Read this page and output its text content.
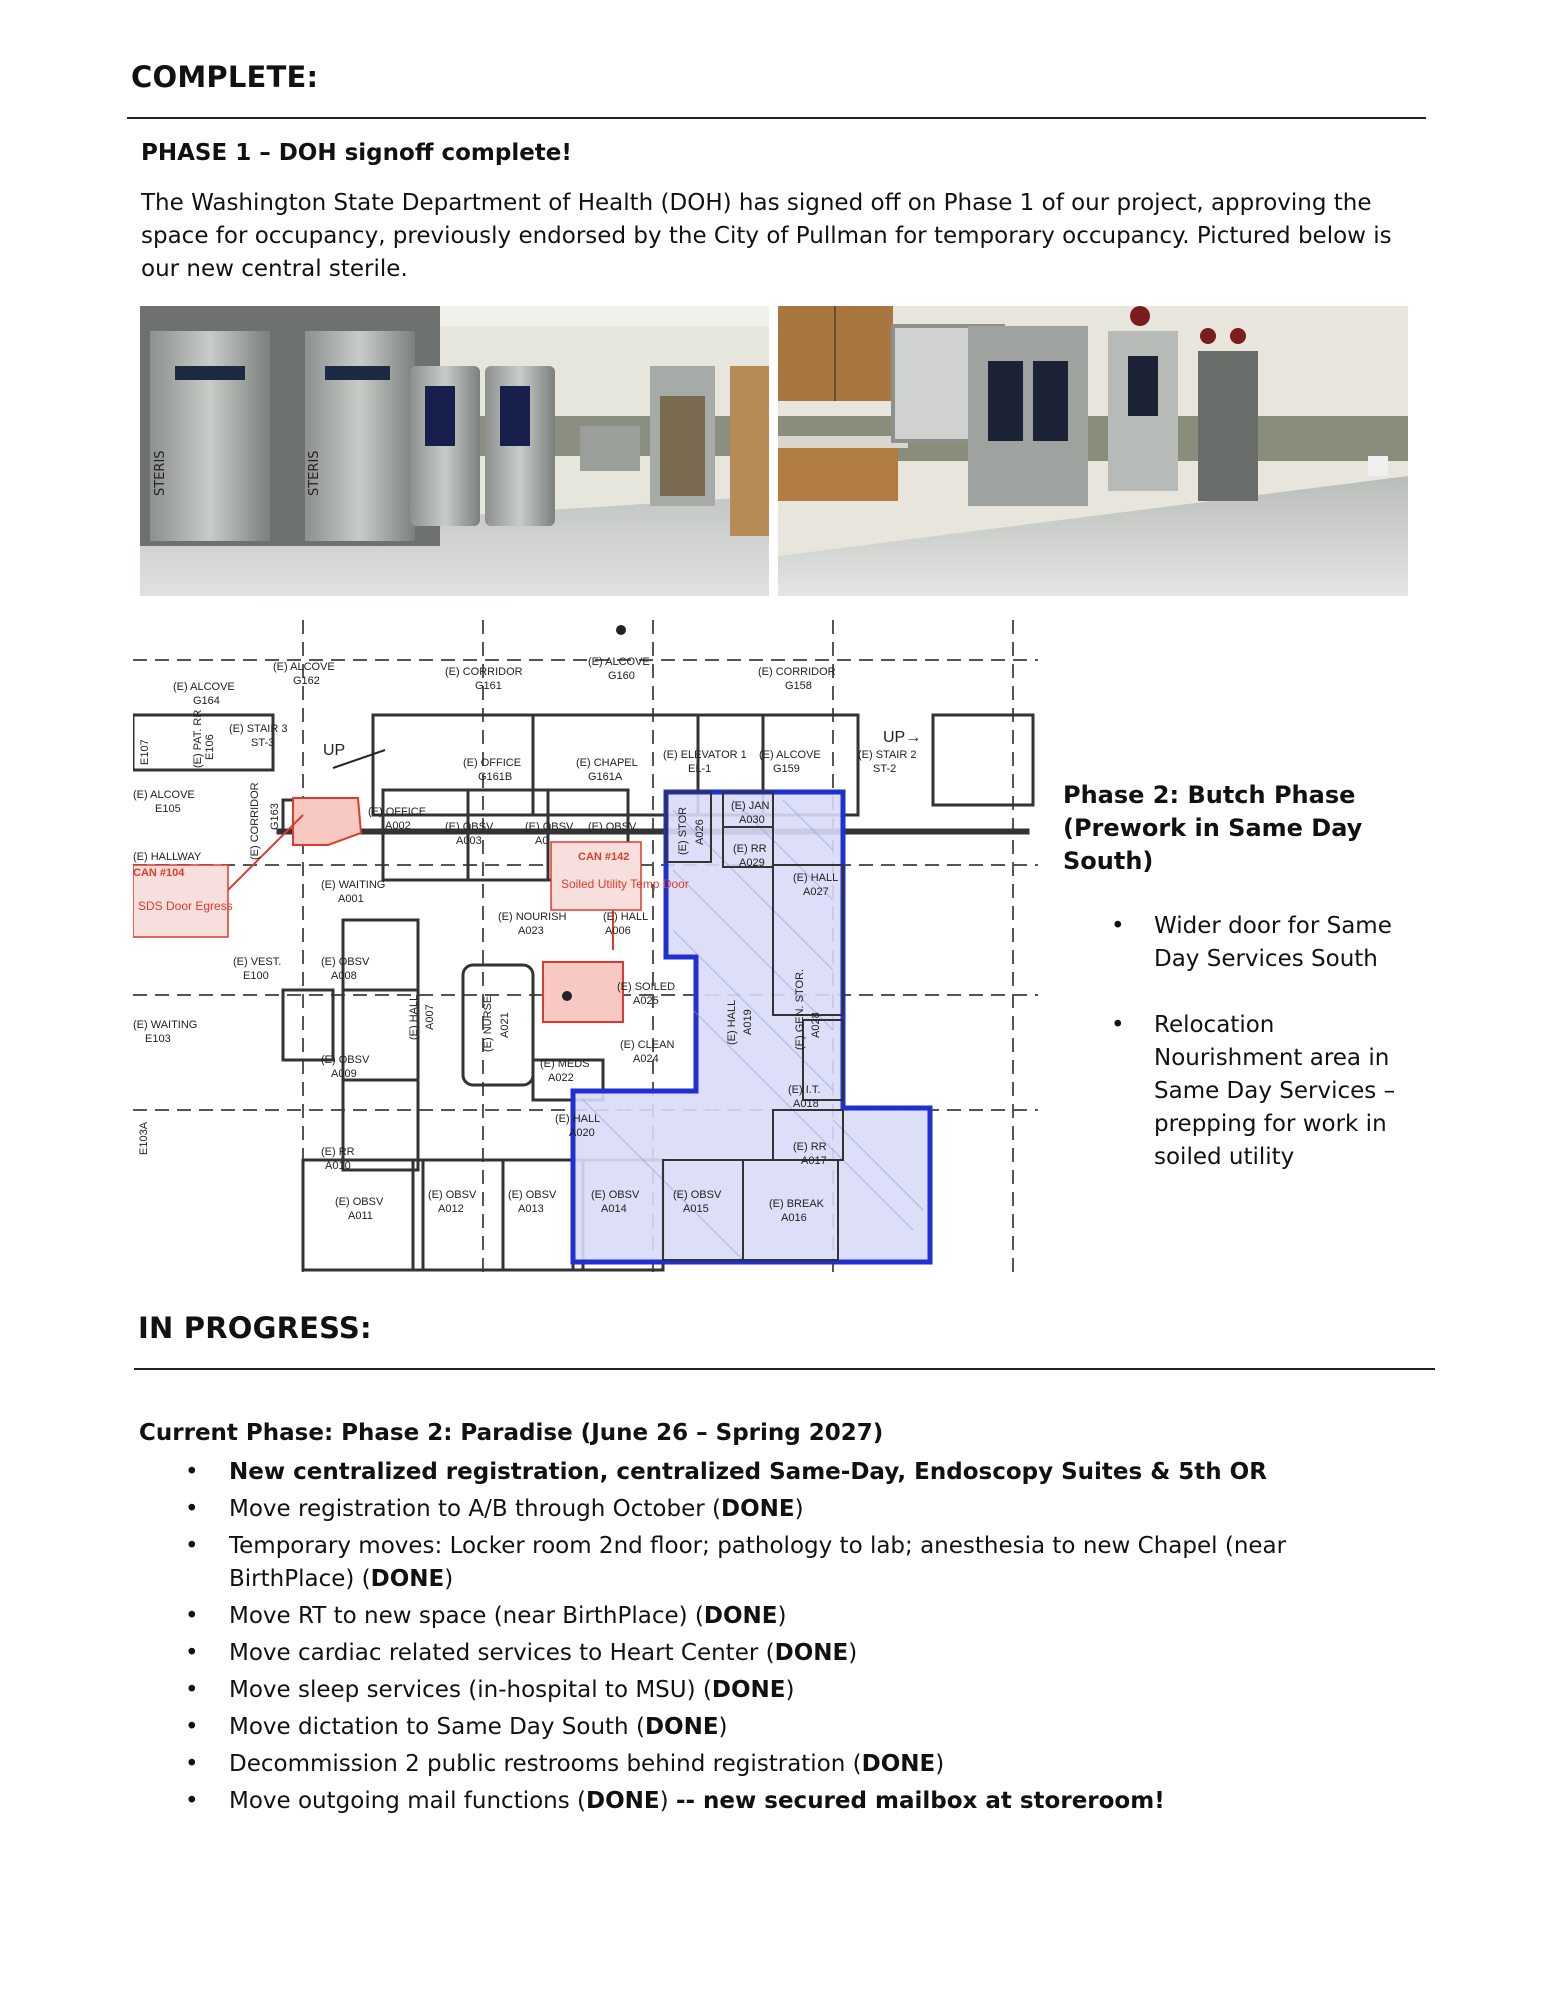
COMPLETE:
PHASE 1 – DOH signoff complete!
The Washington State Department of Health (DOH) has signed off on Phase 1 of our project, approving the space for occupancy, previously endorsed by the City of Pullman for temporary occupancy. Pictured below is our new central sterile.
STERIS	STERIS
(E) ALCOVE
G162
(E) CORRIDOR
G161
(E) ALCOVE
G160	(E) CORRIDOR
G158
(E) ALCOVE
G164
(E) STAIR 3
ST-3	UP
(E) OFFICE
G161B
(E) CHAPEL
G161A
(E) ELEVATOR 1
EL-1
(E) ALCOVE
G159
UP→
(E) STAIR 2
ST-2
E107	E106
(E) PAT. RR
(E) ALCOVE
E105	(E) CORRIDOR G163	(E) OFFICE
A002	(E) OBSV
A003
(E) OBSV
A0
(E) OBSV	(E) STOR A026
(E) JAN
A030
(E) RR
A029
(E) HALL
A027
(E) HALLWAY
CAN #104
SDS Door Egress
CAN #142
Soiled Utility Temp Door
(E) WAITING
A001
(E) NOURISH
A023
(E) HALL
A006
(E) VEST.
E100
(E) OBSV
A008
(E) SOILED
A025
(E) HALL A007	(E) NURSE A021	(E) HALL A019	(E) GEN. STOR. A028
(E) WAITING
E103	(E) CLEAN
A024
(E) OBSV
A009
(E) MEDS
A022
(E) I.T.
A018
E103A
(E) HALL
A020
(E) RR
A010
(E) RR
A017
(E) OBSV
A011
(E) OBSV
A012
(E) OBSV
A013
(E) OBSV
A014
(E) OBSV
A015	(E) BREAK
A016
Phase 2: Butch Phase (Prework in Same Day South)
• Wider door for Same Day Services South
• Relocation Nourishment area in Same Day Services – prepping for work in soiled utility
IN PROGRESS:
Current Phase: Phase 2: Paradise (June 26 – Spring 2027)
• New centralized registration, centralized Same-Day, Endoscopy Suites & 5th OR
• Move registration to A/B through October (DONE)
• Temporary moves: Locker room 2nd floor; pathology to lab; anesthesia to new Chapel (near BirthPlace) (DONE)
• Move RT to new space (near BirthPlace) (DONE)
• Move cardiac related services to Heart Center (DONE)
• Move sleep services (in-hospital to MSU) (DONE)
• Move dictation to Same Day South (DONE)
• Decommission 2 public restrooms behind registration (DONE)
• Move outgoing mail functions (DONE) -- new secured mailbox at storeroom!
